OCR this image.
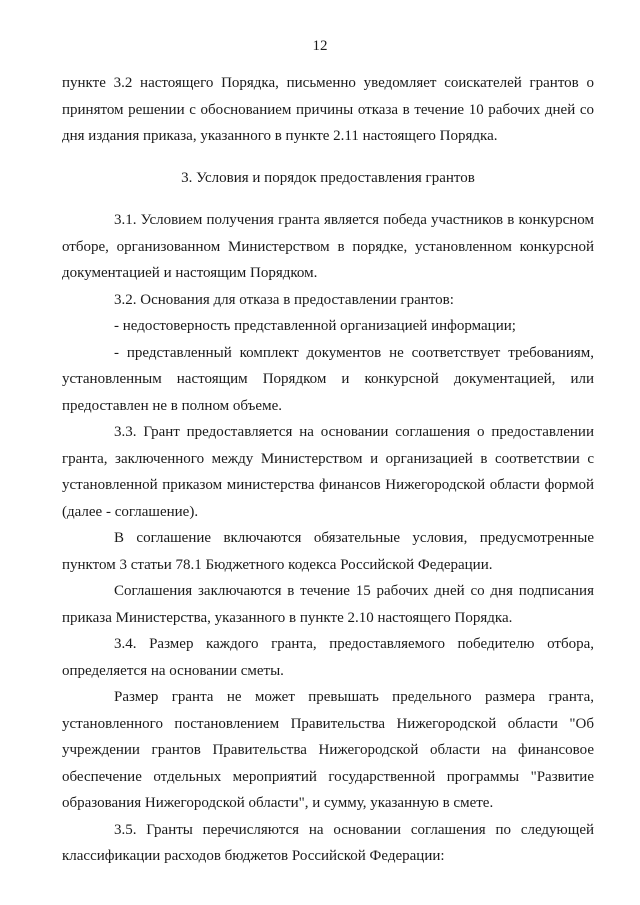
12

пункте 3.2 настоящего Порядка, письменно уведомляет соискателей грантов о принятом решении с обоснованием причины отказа в течение 10 рабочих дней со дня издания приказа, указанного в пункте 2.11 настоящего Порядка.

3. Условия и порядок предоставления грантов

3.1. Условием получения гранта является победа участников в конкурсном отборе, организованном Министерством в порядке, установленном конкурсной документацией и настоящим Порядком.

3.2. Основания для отказа в предоставлении грантов:

- недостоверность представленной организацией информации;

- представленный комплект документов не соответствует требованиям, установленным настоящим Порядком и конкурсной документацией, или предоставлен не в полном объеме.

3.3. Грант предоставляется на основании соглашения о предоставлении гранта, заключенного между Министерством и организацией в соответствии с установленной приказом министерства финансов Нижегородской области формой (далее - соглашение).

В соглашение включаются обязательные условия, предусмотренные пунктом 3 статьи 78.1 Бюджетного кодекса Российской Федерации.

Соглашения заключаются в течение 15 рабочих дней со дня подписания приказа Министерства, указанного в пункте 2.10 настоящего Порядка.

3.4. Размер каждого гранта, предоставляемого победителю отбора, определяется на основании сметы.

Размер гранта не может превышать предельного размера гранта, установленного постановлением Правительства Нижегородской области "Об учреждении грантов Правительства Нижегородской области на финансовое обеспечение отдельных мероприятий государственной программы "Развитие образования Нижегородской области", и сумму, указанную в смете.

3.5. Гранты перечисляются на основании соглашения по следующей классификации расходов бюджетов Российской Федерации:
